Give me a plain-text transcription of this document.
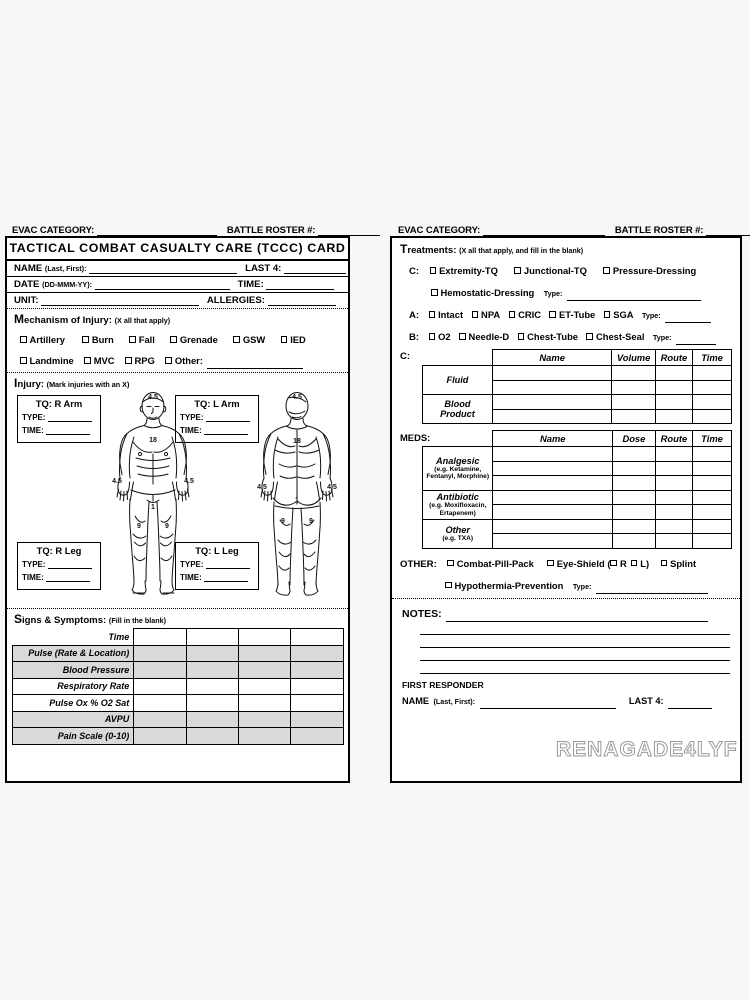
EVAC CATEGORY:	BATTLE ROSTER #:
TACTICAL COMBAT CASUALTY CARE (TCCC) CARD
NAME (Last, First):	LAST 4:
DATE (DD-MMM-YY):	TIME:
UNIT:	ALLERGIES:
Mechanism of Injury: (X all that apply)
Artillery	Burn	Fall	Grenade	GSW	IED
Landmine MVC RPG Other:
Injury: (Mark injuries with an X)
TQ: R Arm
TYPE:
TIME:
TQ: L Arm
TYPE:
TIME:
TQ: R Leg
TYPE:
TIME:
TQ: L Leg
TYPE:
TIME:
4.5
18
4.5	4.5
1
9	9
4.5
18
4.5	4.5
1
9	9
Signs & Symptoms: (Fill in the blank)
Time				
Pulse (Rate & Location)				
Blood Pressure				
Respiratory Rate				
Pulse Ox % O2 Sat				
AVPU				
Pain Scale (0-10)				
EVAC CATEGORY:	BATTLE ROSTER #:
Treatments: (X all that apply, and fill in the blank)
C: Extremity-TQ	Junctional-TQ	Pressure-Dressing
Hemostatic-Dressing Type:
A: Intact NPA CRIC ET-Tube SGA Type:
B: O2 Needle-D Chest-Tube Chest-Seal Type:
C:
		Name	Volume	Route	Time
Fluid				

Blood
Product				

MEDS:
		Name	Dose	Route	Time
Analgesic
(e.g. Ketamine, Fentanyl, Morphine)				

Antibiotic
(e.g. Moxifloxacin, Ertapenem)				

Other
(e.g. TXA)				

OTHER: Combat-Pill-Pack Eye-Shield ( R L) Splint
Hypothermia-Prevention Type:
NOTES:
FIRST RESPONDER
NAME (Last, First):	LAST 4:
RENAGADE4LYF
